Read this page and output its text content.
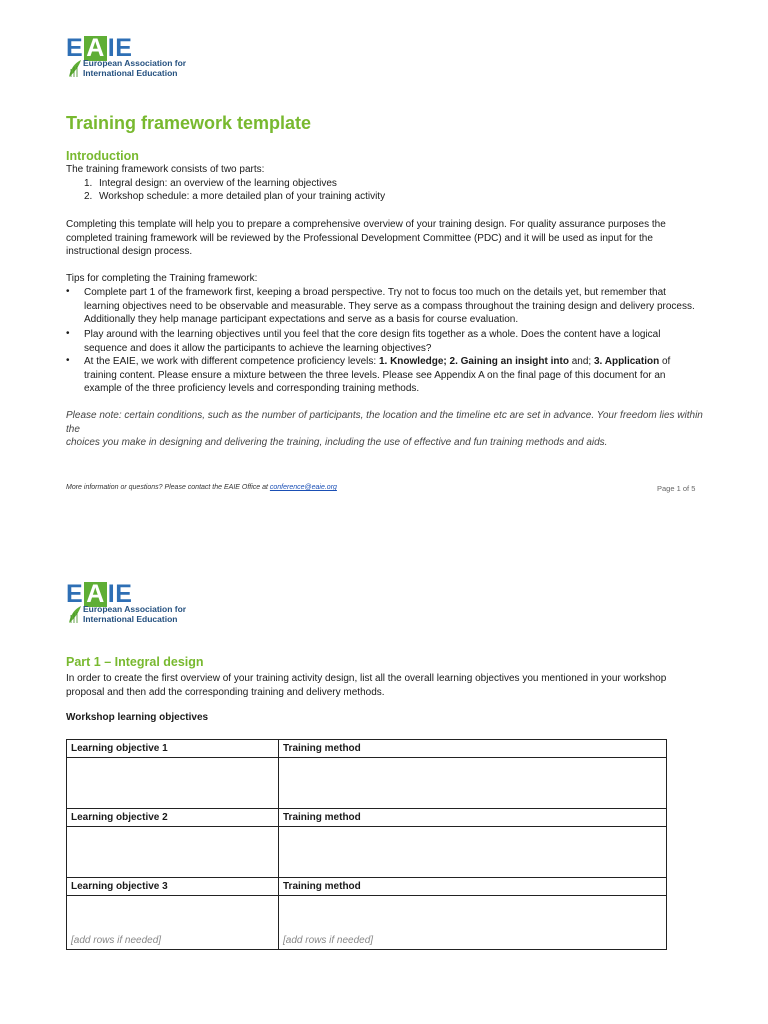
E A IE
European Association for
International Education
Training framework template
Introduction
The training framework consists of two parts:
1. Integral design: an overview of the learning objectives
2. Workshop schedule: a more detailed plan of your training activity
Completing this template will help you to prepare a comprehensive overview of your training design. For quality assurance purposes the
completed training framework will be reviewed by the Professional Development Committee (PDC) and it will be used as input for the
instructional design process.
Tips for completing the Training framework:
• Complete part 1 of the framework first, keeping a broad perspective. Try not to focus too much on the details yet, but remember that
learning objectives need to be observable and measurable. They serve as a compass throughout the training design and delivery process.
Additionally they help manage participant expectations and serve as a basis for course evaluation.
• Play around with the learning objectives until you feel that the core design fits together as a whole. Does the content have a logical
sequence and does it allow the participants to achieve the learning objectives?
• At the EAIE, we work with different competence proficiency levels: 1. Knowledge; 2. Gaining an insight into and; 3. Application of
training content. Please ensure a mixture between the three levels. Please see Appendix A on the final page of this document for an
example of the three proficiency levels and corresponding training methods.
Please note: certain conditions, such as the number of participants, the location and the timeline etc are set in advance. Your freedom lies within the
choices you make in designing and delivering the training, including the use of effective and fun training methods and aids.
More information or questions? Please contact the EAIE Office at conference@eaie.org	Page 1 of 5
E A IE
European Association for
International Education
Part 1 – Integral design
In order to create the first overview of your training activity design, list all the overall learning objectives you mentioned in your workshop
proposal and then add the corresponding training and delivery methods.
Workshop learning objectives
Learning objective 1	Training method

Learning objective 2	Training method

Learning objective 3	Training method
[add rows if needed]	[add rows if needed]
